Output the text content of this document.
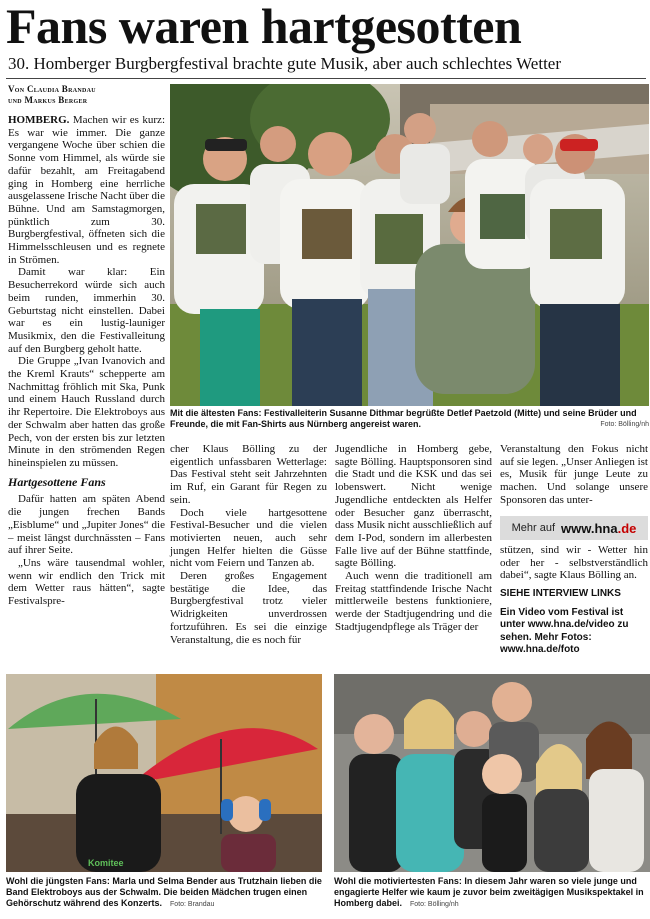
Fans waren hartgesotten
30. Homberger Burgbergfestival brachte gute Musik, aber auch schlechtes Wetter
Von Claudia Brandau
und Markus Berger
Mit die ältesten Fans: Festivalleiterin Susanne Dithmar begrüßte Detlef Paetzold (Mitte) und seine Brüder und Freunde, die mit Fan-Shirts aus Nürnberg angereist waren.	Foto: Bölling/nh

HOMBERG. Machen wir es kurz: Es war wie immer. Die ganze vergangene Woche über schien die Sonne vom Himmel, als würde sie dafür bezahlt, am Freitagabend ging in Homberg eine herrliche ausgelassene Irische Nacht über die Bühne. Und am Samstagmorgen, pünktlich zum 30. Burgbergfestival, öffneten sich die Himmelsschleusen und es regnete in Strömen.

Damit war klar: Ein Besucherrekord würde sich auch beim runden, immerhin 30. Geburtstag nicht einstellen. Dabei war es ein lustig-launiger Musikmix, den die Festivalleitung auf den Burgberg geholt hatte.

Die Gruppe „Ivan Ivanovich and the Kreml Krauts“ schepperte am Nachmittag fröhlich mit Ska, Punk und einem Hauch Russland durch ihr Repertoire. Die Elektroboys aus der Schwalm aber hatten das große Pech, von der ersten bis zur letzten Minute in den strömenden Regen hineinspielen zu müssen.

Hartgesottene Fans

Dafür hatten am späten Abend die jungen frechen Bands „Eisblume“ und „Jupiter Jones“ die – meist längst durchnässten – Fans auf ihrer Seite.

„Uns wäre tausendmal wohler, wenn wir endlich den Trick mit dem Wetter raus hätten“, sagte Festivalspre-

cher Klaus Bölling zu der eigentlich unfassbaren Wetterlage: Das Festival steht seit Jahrzehnten im Ruf, ein Garant für Regen zu sein.

Doch viele hartgesottene Festival-Besucher und die vielen motivierten neuen, auch sehr jungen Helfer hielten die Güsse nicht vom Feiern und Tanzen ab.

Deren großes Engagement bestätige die Idee, das Burgbergfestival trotz vieler Widrigkeiten unverdrossen fortzuführen. Es sei die einzige Veranstaltung, die es noch für

Jugendliche in Homberg gebe, sagte Bölling. Hauptsponsoren sind die Stadt und die KSK und das sei lobenswert. Nicht wenige Jugendliche entdeckten als Helfer oder Besucher ganz überrascht, dass Musik nicht ausschließlich auf dem I-Pod, sondern im allerbesten Falle live auf der Bühne stattfinde, sagte Bölling.

Auch wenn die traditionell am Freitag stattfindende Irische Nacht mittlerweile bestens funktioniere, werde der Stadtjugendring und die Stadtjugendpflege als Träger der

Veranstaltung den Fokus nicht auf sie legen. „Unser Anliegen ist es, Musik für junge Leute zu machen. Und solange unsere Sponsoren das unter-

Mehr auf www.hna.de

stützen, sind wir - Wetter hin oder her - selbstverständlich dabei“, sagte Klaus Bölling an.

SIEHE INTERVIEW LINKS

Ein Video vom Festival ist unter www.hna.de/video zu sehen. Mehr Fotos: www.hna.de/foto

Komitee
Wohl die jüngsten Fans: Marla und Selma Bender aus Trutzhain lieben die Band Elektroboys aus der Schwalm. Die beiden Mädchen trugen einen Gehörschutz während des Konzerts. Foto: Brandau
Wohl die motiviertesten Fans: In diesem Jahr waren so viele junge und engagierte Helfer wie kaum je zuvor beim zweitägigen Musikspektakel in Homberg dabei. Foto: Bölling/nh
